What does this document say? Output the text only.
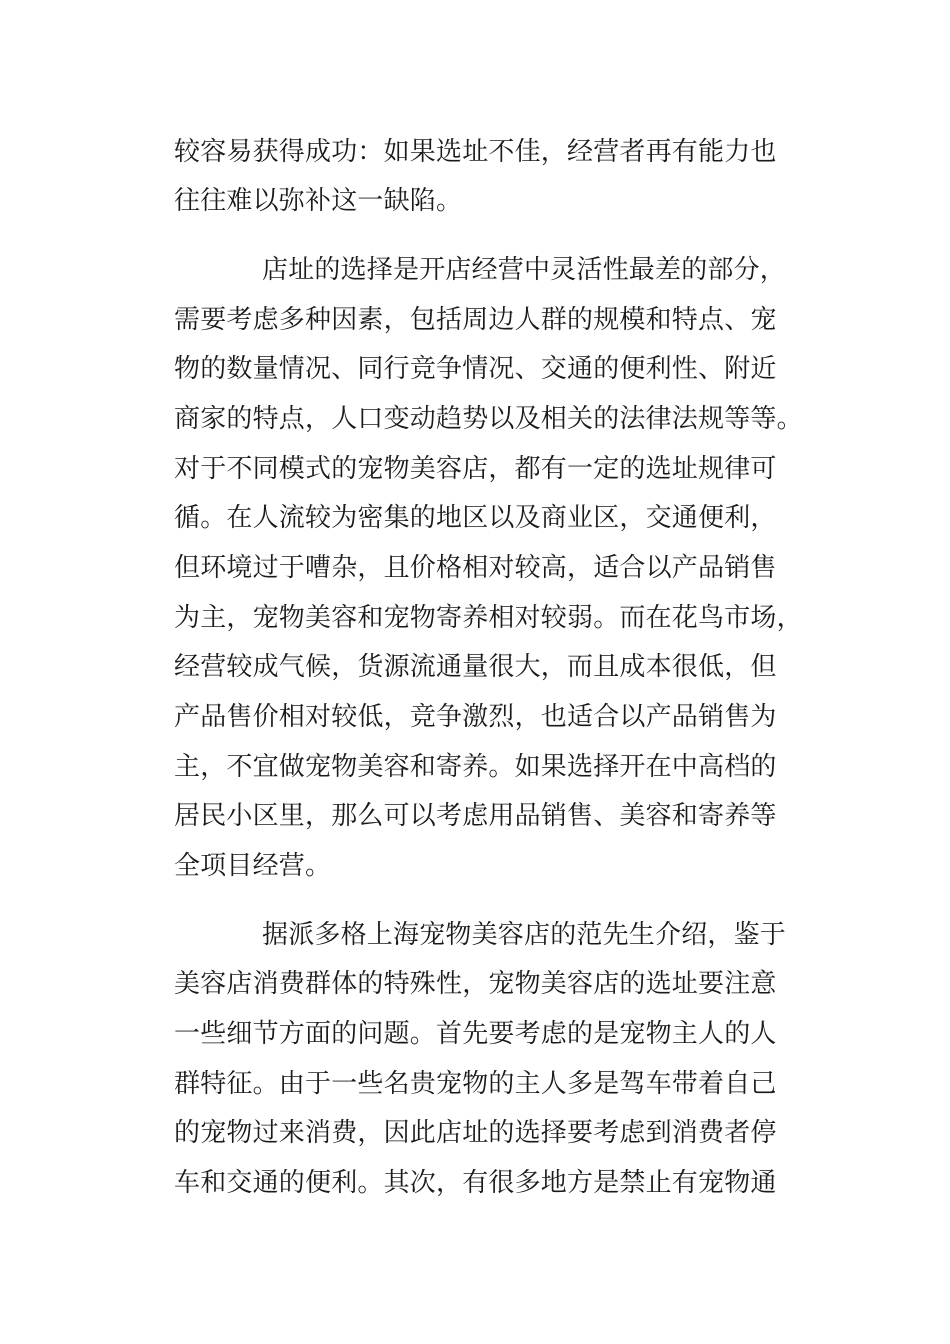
较容易获得成功：如果选址不佳，经营者再有能力也
往往难以弥补这一缺陷。
店址的选择是开店经营中灵活性最差的部分，
需要考虑多种因素，包括周边人群的规模和特点、宠
物的数量情况、同行竞争情况、交通的便利性、附近
商家的特点，人口变动趋势以及相关的法律法规等等。
对于不同模式的宠物美容店，都有一定的选址规律可
循。在人流较为密集的地区以及商业区，交通便利，
但环境过于嘈杂，且价格相对较高，适合以产品销售
为主，宠物美容和宠物寄养相对较弱。而在花鸟市场，
经营较成气候，货源流通量很大，而且成本很低，但
产品售价相对较低，竞争激烈，也适合以产品销售为
主，不宜做宠物美容和寄养。如果选择开在中高档的
居民小区里，那么可以考虑用品销售、美容和寄养等
全项目经营。
据派多格上海宠物美容店的范先生介绍，鉴于
美容店消费群体的特殊性，宠物美容店的选址要注意
一些细节方面的问题。首先要考虑的是宠物主人的人
群特征。由于一些名贵宠物的主人多是驾车带着自己
的宠物过来消费，因此店址的选择要考虑到消费者停
车和交通的便利。其次，有很多地方是禁止有宠物通
